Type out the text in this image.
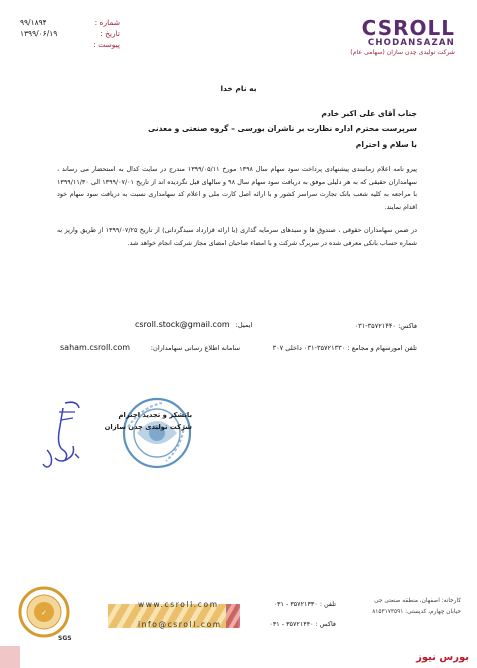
شماره :
۹۹/۱۸۹۴
تاریخ :
۱۳۹۹/۰۶/۱۹
پیوست :
CSROLL
CHODANSAZAN
شرکت تولیدی چدن سازان (سهامی عام)
به نام خدا
جناب آقای علی اکبر خادم
سرپرست محترم اداره نظارت بر ناشران بورسی – گروه صنعتی و معدنی
با سلام و احترام
پیرو نامه اعلام زمانبندی پیشنهادی پرداخت سود سهام سال ۱۳۹۸ مورخ ۱۳۹۹/۰۵/۱۱ مندرج در سایت کدال به استحضار می رساند ، سهامداران حقیقی که به هر دلیلی موفق به دریافت سود سهام سال ۹۸ و سالهای قبل نگردیده اند از تاریخ ۱۳۹۹/۰۷/۰۱ الی ۱۳۹۹/۱۱/۳۰ با مراجعه به کلیه شعب بانک تجارت سراسر کشور و با ارائه اصل کارت ملی و اعلام کد سهامداری نسبت به دریافت سود سهام خود اقدام نمایند.
در ضمن سهامداران حقوقی ، صندوق ها و سبدهای سرمایه گذاری (با ارائه قرارداد سبدگردانی) از تاریخ ۱۳۹۹/۰۷/۲۵ از طریق واریز به شماره حساب بانکی معرفی شده در سربرگ شرکت و با امضاء صاحبان امضای مجاز شرکت انجام خواهد شد.
فاکس: ۳۵۷۲۱۴۴۰-۰۳۱
csroll.stock@gmail.com ایمیل:
تلفن امورسهام و مجامع : ۳۵۷۲۱۳۳۰-۰۳۱ داخلی ۳۰۷
سامانه اطلاع رسانی سهامداران:
saham.csroll.com
باتشکر و تجدید احترام
شرکت تولیدی چدن سازان
✓
www.csroll.com
info@csroll.com
تلفن : ۳۵۷۲۱۳۳۰ - ۰۳۱
فاکس : ۳۵۷۲۱۴۴۰ - ۰۳۱
کارخانه: اصفهان، منطقه صنعتی جی
خیابان چهارم، کدپستی: ۸۱۵۳۱۷۳۵۹۱
SGS
بورس نیوز
